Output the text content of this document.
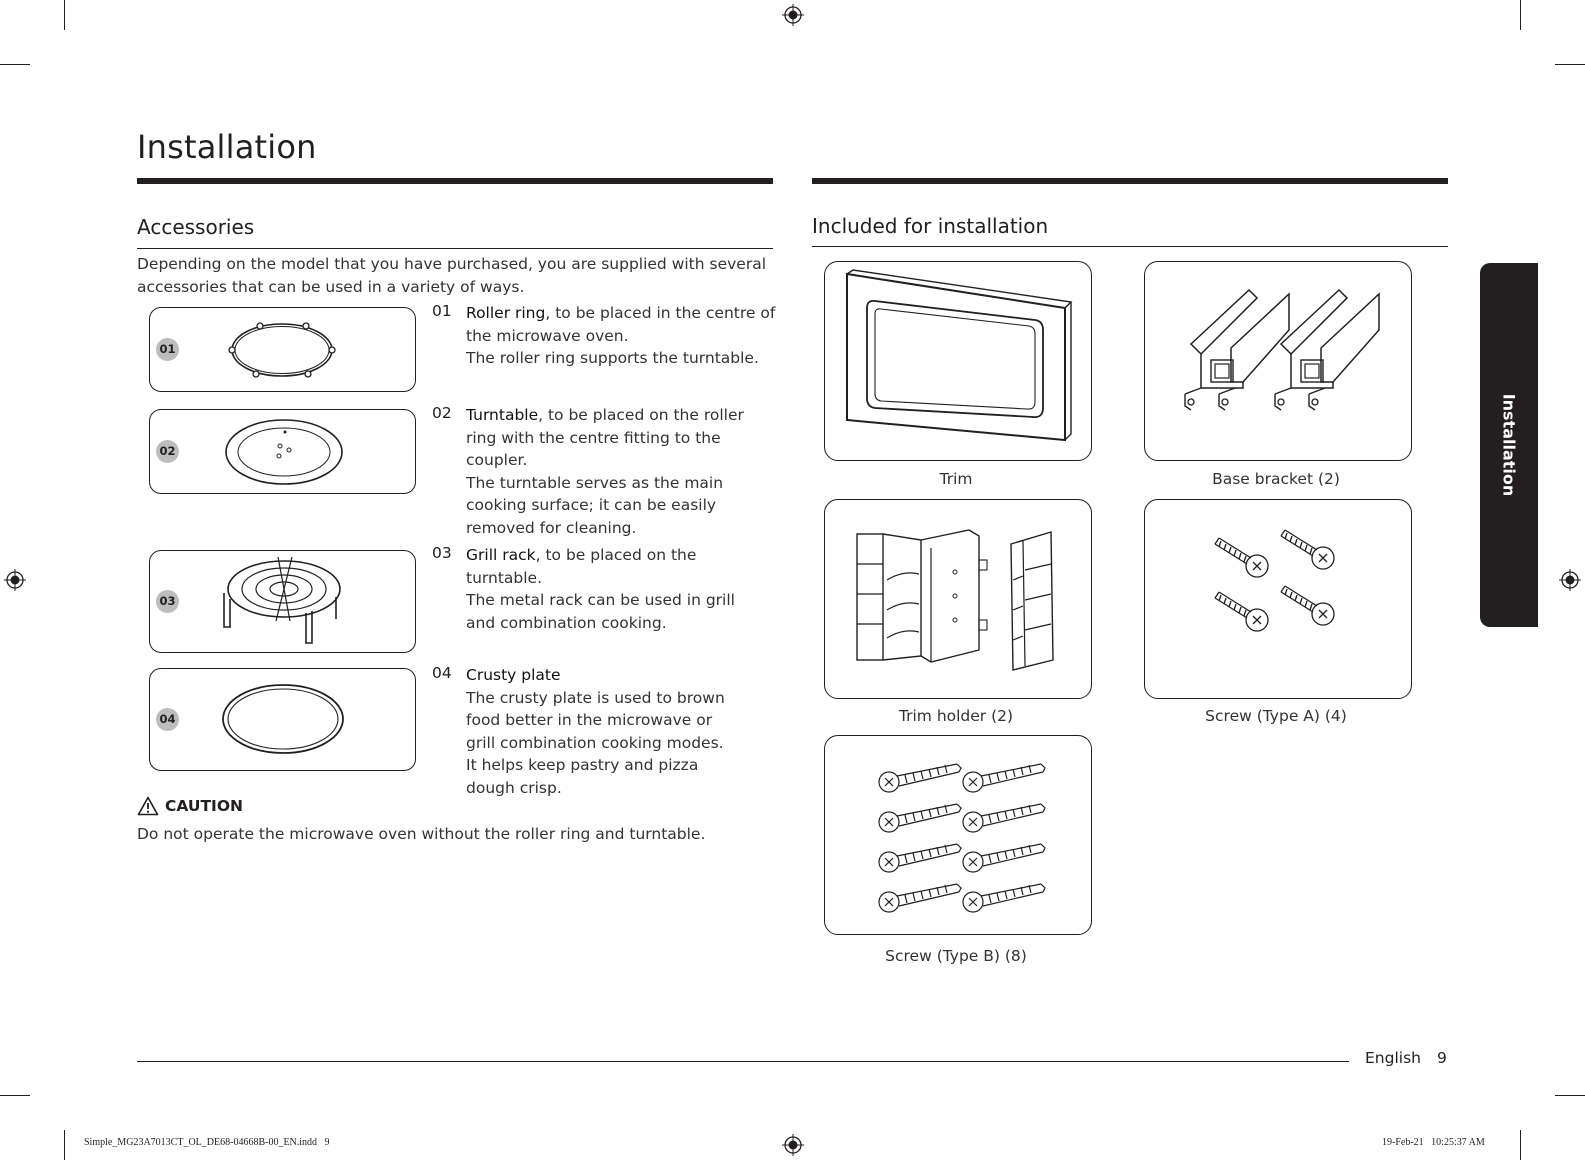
Installation
Installation
Accessories
Depending on the model that you have purchased, you are supplied with several accessories that can be used in a variety of ways.
01
01 Roller ring, to be placed in the centre of the microwave oven.
The roller ring supports the turntable.
02
02 Turntable, to be placed on the roller ring with the centre fitting to the coupler.
The turntable serves as the main cooking surface; it can be easily removed for cleaning.
03
03 Grill rack, to be placed on the turntable.
The metal rack can be used in grill and combination cooking.
04
04 Crusty plate
The crusty plate is used to brown food better in the microwave or grill combination cooking modes. It helps keep pastry and pizza dough crisp.
CAUTION
Do not operate the microwave oven without the roller ring and turntable.
Included for installation
Trim	Base bracket (2)
Trim holder (2)	Screw (Type A) (4)
Screw (Type B) (8)
English 9
Simple_MG23A7013CT_OL_DE68-04668B-00_EN.indd   9	19-Feb-21   10:25:37 AM
